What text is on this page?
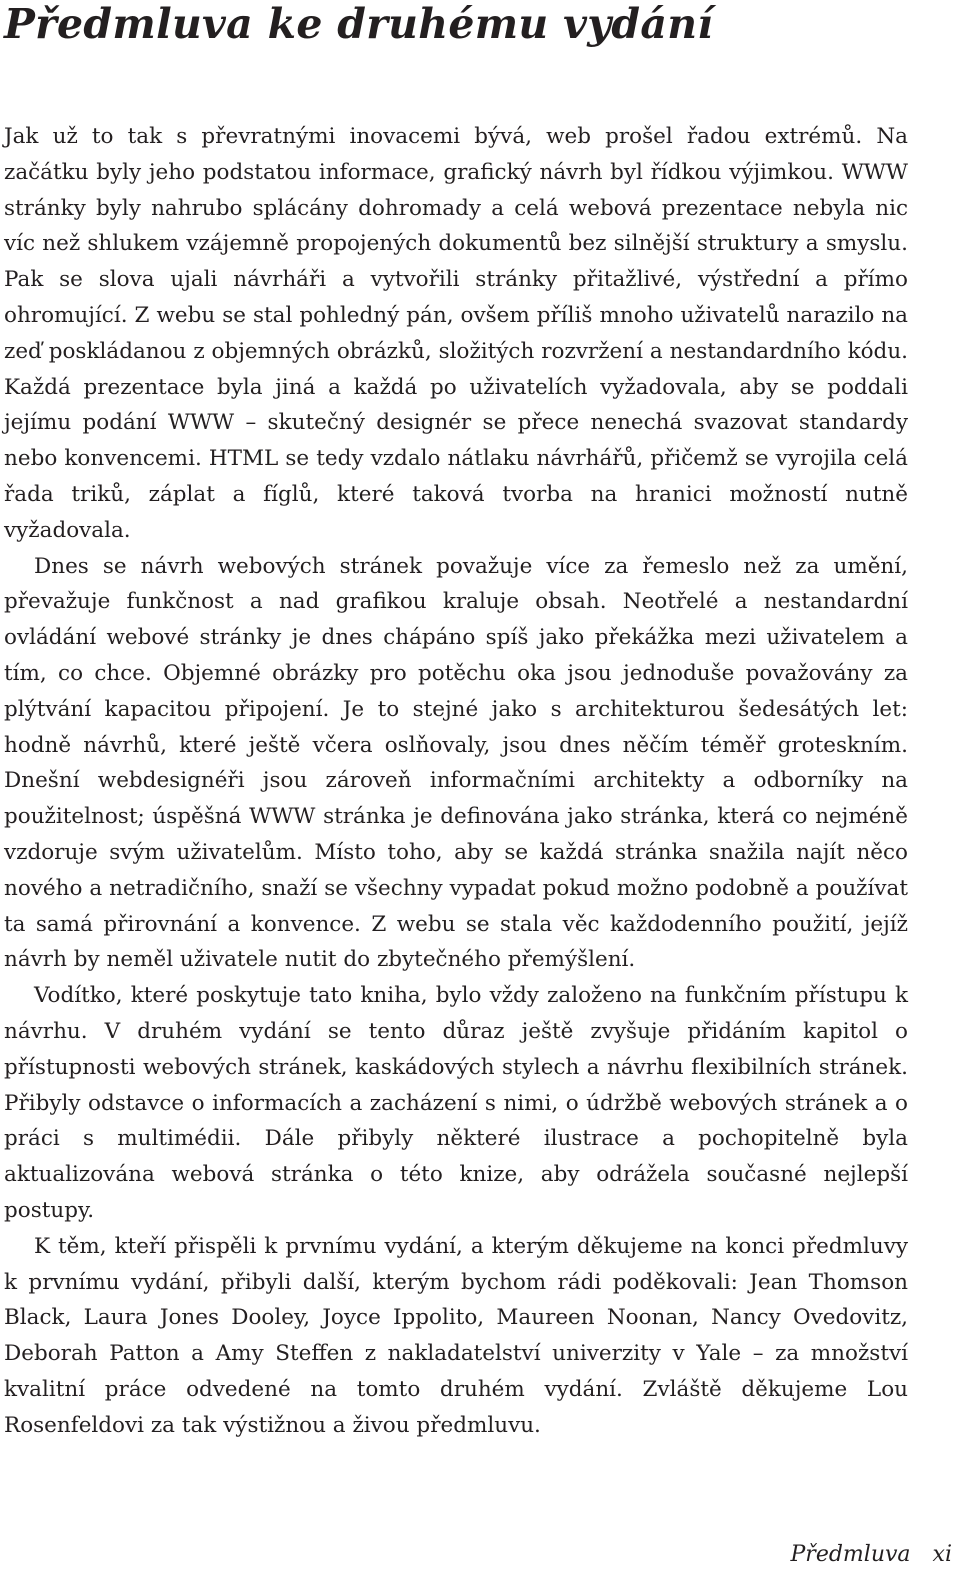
Předmluva ke druhému vydání

Jak už to tak s převratnými inovacemi bývá, web prošel řadou extrémů. Na začátku byly jeho podstatou informace, grafický návrh byl řídkou výjimkou. WWW stránky byly nahrubo splácány dohromady a celá webová prezentace nebyla nic víc než shlukem vzájemně propojených dokumentů bez silnější struktury a smyslu. Pak se slova ujali návrháři a vytvořili stránky přitažlivé, výstřední a přímo ohromující. Z webu se stal pohledný pán, ovšem příliš mnoho uživatelů narazilo na zeď poskládanou z objemných obrázků, složitých rozvržení a nestandardního kódu. Každá prezentace byla jiná a každá po uživatelích vyžadovala, aby se poddali jejímu podání WWW – skutečný designér se přece nenechá svazovat standardy nebo konvencemi. HTML se tedy vzdalo nátlaku návrhářů, přičemž se vyrojila celá řada triků, záplat a fíglů, které taková tvorba na hranici možností nutně vyžadovala.

Dnes se návrh webových stránek považuje více za řemeslo než za umění, převažuje funkčnost a nad grafikou kraluje obsah. Neotřelé a nestandardní ovládání webové stránky je dnes chápáno spíš jako překážka mezi uživatelem a tím, co chce. Objemné obrázky pro potěchu oka jsou jednoduše považovány za plýtvání kapacitou připojení. Je to stejné jako s architekturou šedesátých let: hodně návrhů, které ještě včera oslňovaly, jsou dnes něčím téměř groteskním. Dnešní webdesignéři jsou zároveň informačními architekty a odborníky na použitelnost; úspěšná WWW stránka je definována jako stránka, která co nejméně vzdoruje svým uživatelům. Místo toho, aby se každá stránka snažila najít něco nového a netradičního, snaží se všechny vypadat pokud možno podobně a používat ta samá přirovnání a konvence. Z webu se stala věc každodenního použití, jejíž návrh by neměl uživatele nutit do zbytečného přemýšlení.

Vodítko, které poskytuje tato kniha, bylo vždy založeno na funkčním přístupu k návrhu. V druhém vydání se tento důraz ještě zvyšuje přidáním kapitol o přístupnosti webových stránek, kaskádových stylech a návrhu flexibilních stránek. Přibyly odstavce o informacích a zacházení s nimi, o údržbě webových stránek a o práci s multimédii. Dále přibyly některé ilustrace a pochopitelně byla aktualizována webová stránka o této knize, aby odrážela současné nejlepší postupy.

K těm, kteří přispěli k prvnímu vydání, a kterým děkujeme na konci předmluvy k prvnímu vydání, přibyli další, kterým bychom rádi poděkovali: Jean Thomson Black, Laura Jones Dooley, Joyce Ippolito, Maureen Noonan, Nancy Ovedovitz, Deborah Patton a Amy Steffen z nakladatelství univerzity v Yale – za množství kvalitní práce odvedené na tomto druhém vydání. Zvláště děkujeme Lou Rosenfeldovi za tak výstižnou a živou předmluvu.

Předmluva xi
